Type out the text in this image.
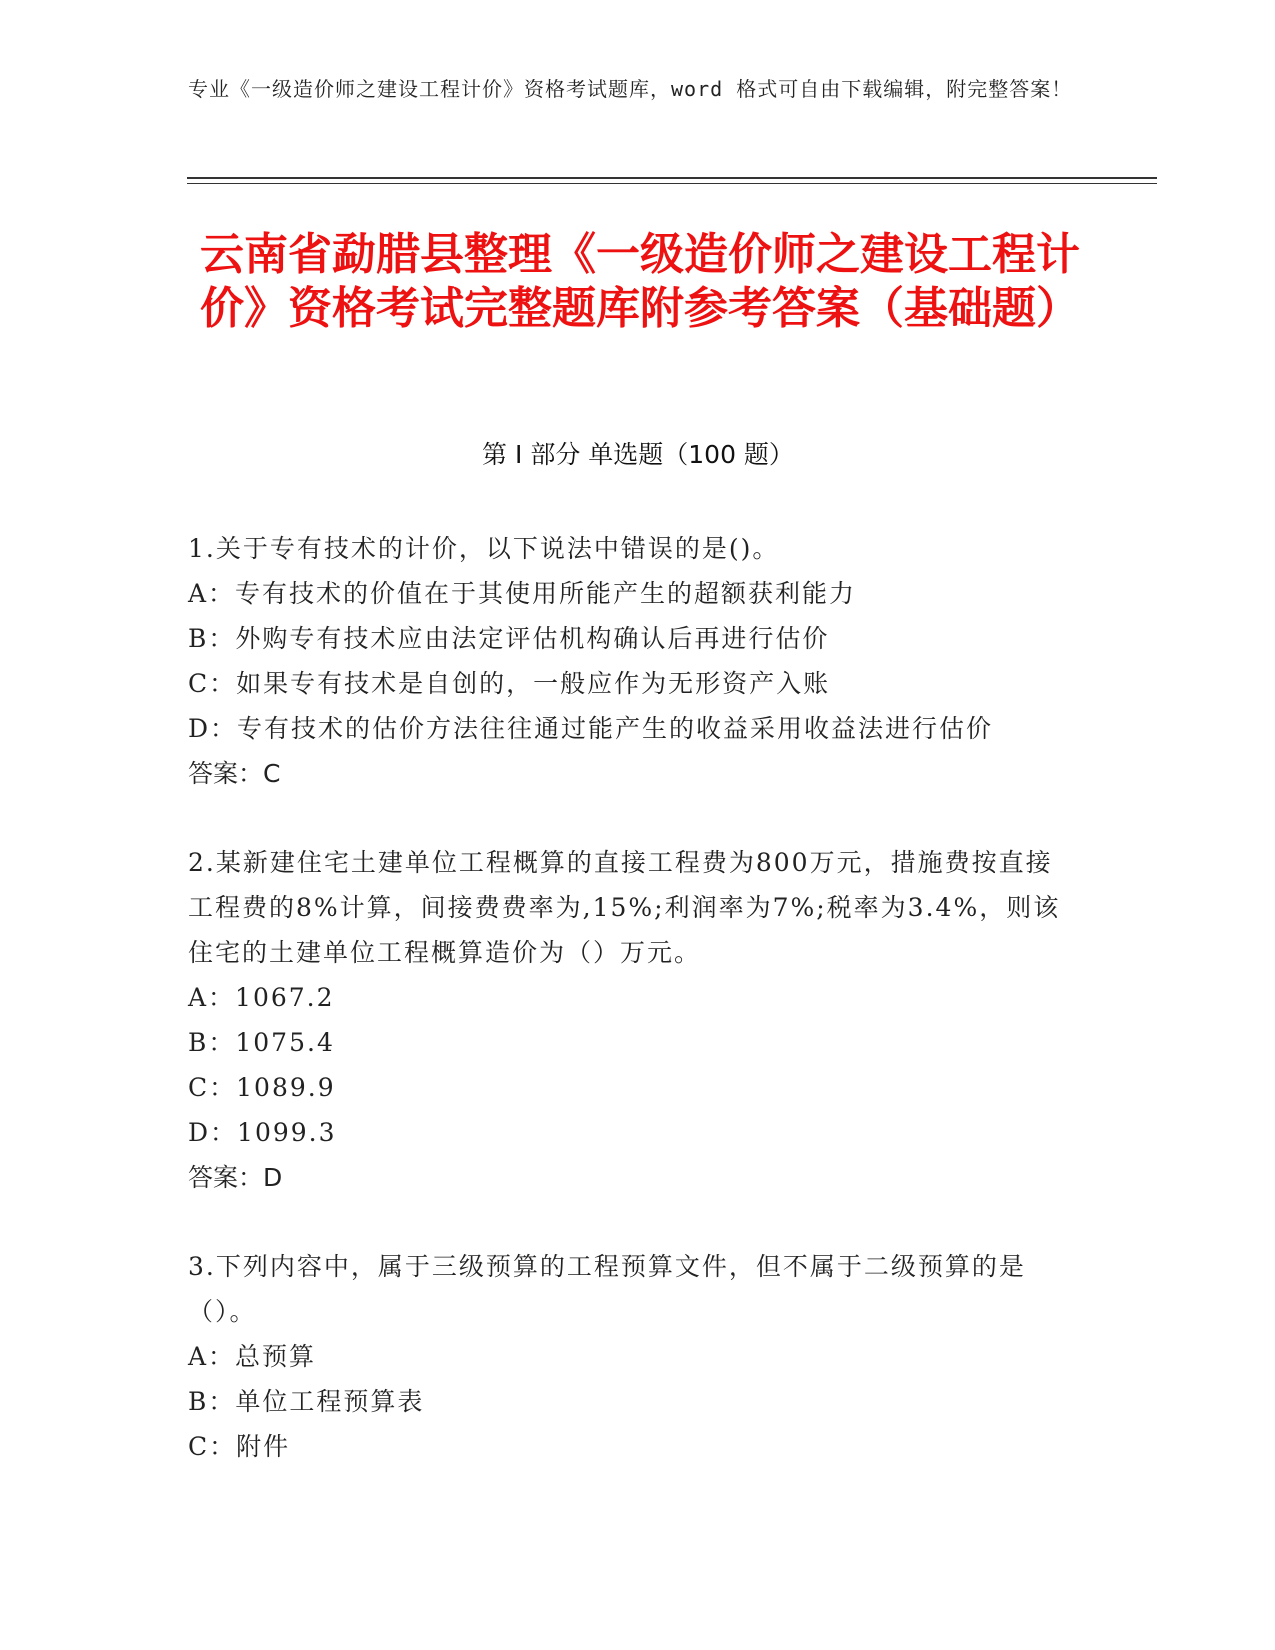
专业《一级造价师之建设工程计价》资格考试题库，word 格式可自由下载编辑，附完整答案！
云南省勐腊县整理《一级造价师之建设工程计价》资格考试完整题库附参考答案（基础题）
第 I 部分 单选题（100 题）

1.关于专有技术的计价，以下说法中错误的是()。

A：专有技术的价值在于其使用所能产生的超额获利能力

B：外购专有技术应由法定评估机构确认后再进行估价

C：如果专有技术是自创的，一般应作为无形资产入账

D：专有技术的估价方法往往通过能产生的收益采用收益法进行估价

答案：C

2.某新建住宅土建单位工程概算的直接工程费为800万元，措施费按直接工程费的8%计算，间接费费率为,15%;利润率为7%;税率为3.4%，则该住宅的土建单位工程概算造价为（）万元。

A：1067.2

B：1075.4

C：1089.9

D：1099.3

答案：D

3.下列内容中，属于三级预算的工程预算文件，但不属于二级预算的是（）。

A：总预算

B：单位工程预算表

C：附件
